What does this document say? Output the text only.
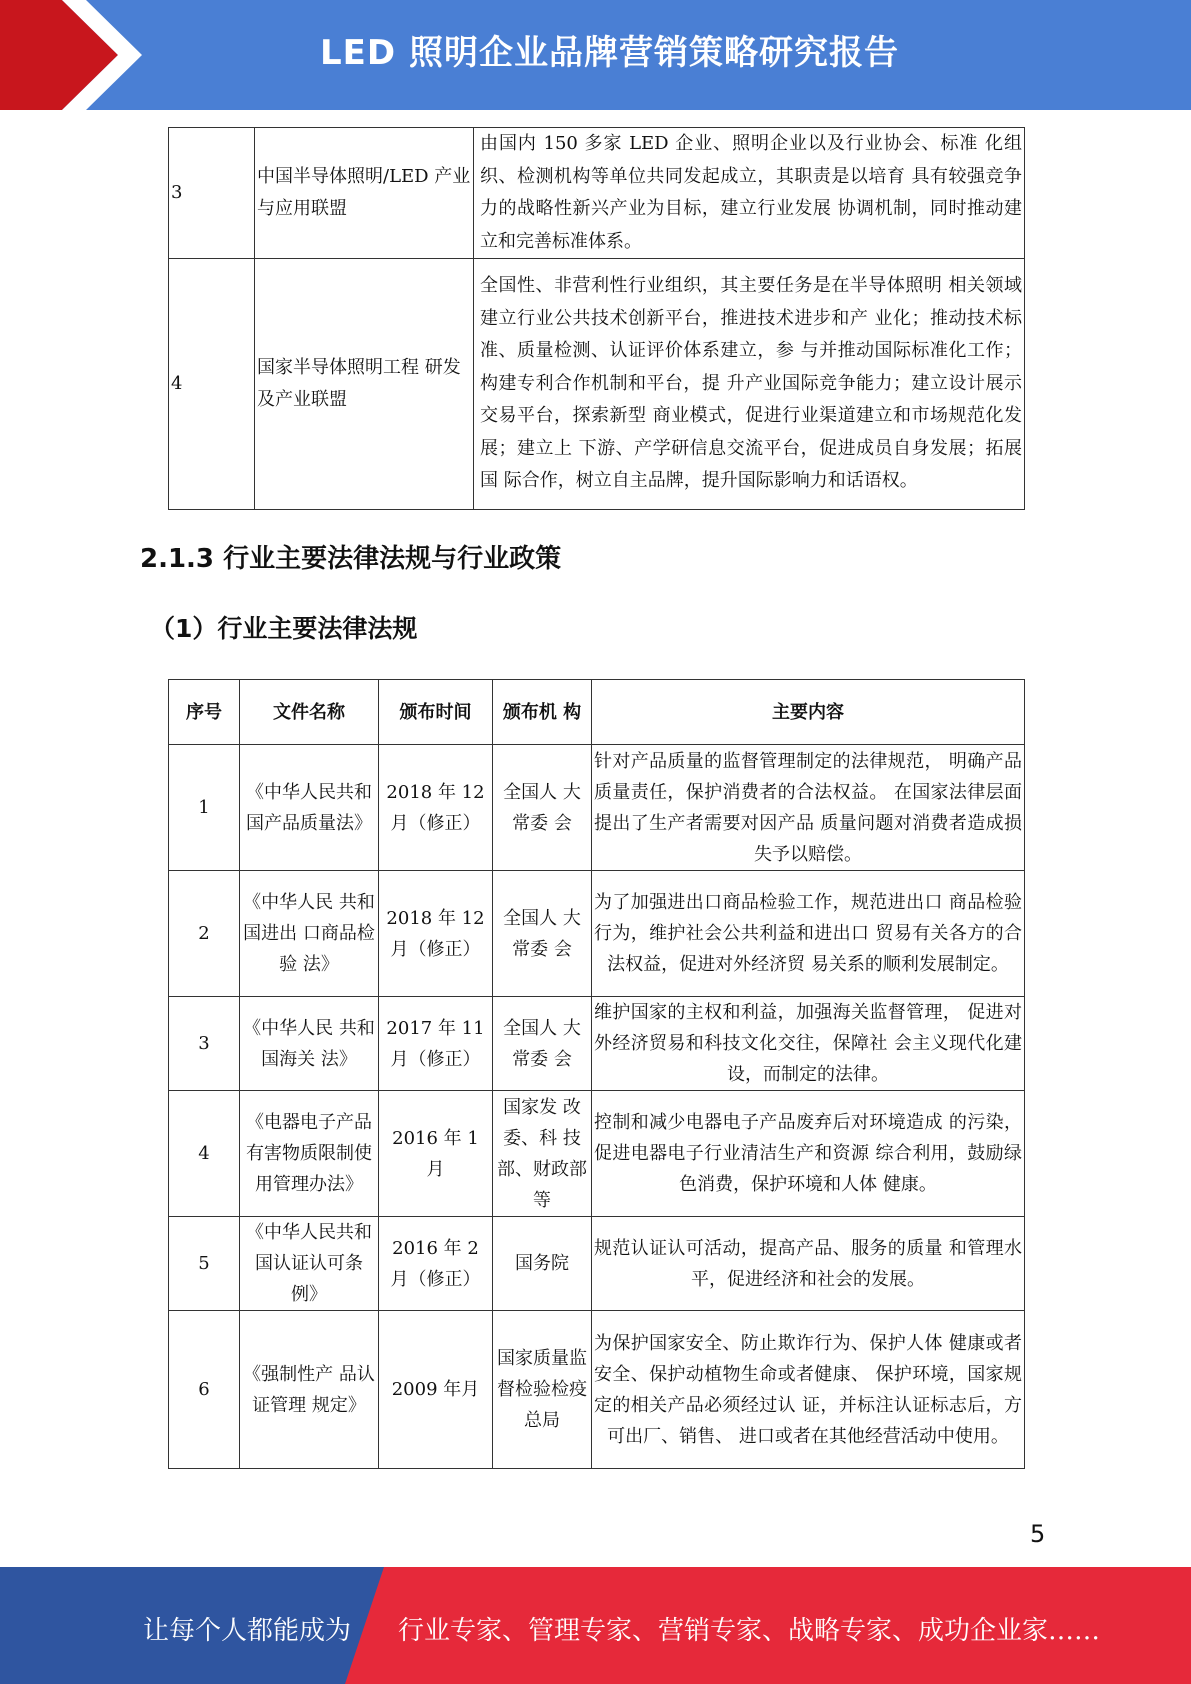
LED 照明企业品牌营销策略研究报告
3	中国半导体照明/LED 产业与应用联盟	由国内 150 多家 LED 企业、照明企业以及行业协会、标准 化组织、检测机构等单位共同发起成立，其职责是以培育 具有较强竞争力的战略性新兴产业为目标，建立行业发展 协调机制，同时推动建立和完善标准体系。
4	国家半导体照明工程 研发及产业联盟	全国性、非营利性行业组织，其主要任务是在半导体照明 相关领域建立行业公共技术创新平台，推进技术进步和产 业化；推动技术标准、质量检测、认证评价体系建立，参 与并推动国际标准化工作；构建专利合作机制和平台，提 升产业国际竞争能力；建立设计展示交易平台，探索新型 商业模式，促进行业渠道建立和市场规范化发展；建立上 下游、产学研信息交流平台，促进成员自身发展；拓展国 际合作，树立自主品牌，提升国际影响力和话语权。
2.1.3 行业主要法律法规与行业政策
（1）行业主要法律法规
序号	文件名称	颁布时间	颁布机 构	主要内容
1	《中华人民共和国产品质量法》	2018 年 12 月（修正）	全国人 大常委 会	针对产品质量的监督管理制定的法律规范， 明确产品质量责任，保护消费者的合法权益。 在国家法律层面提出了生产者需要对因产品 质量问题对消费者造成损失予以赔偿。
2	《中华人民 共和国进出 口商品检验 法》	2018 年 12 月（修正）	全国人 大常委 会	为了加强进出口商品检验工作，规范进出口 商品检验行为，维护社会公共利益和进出口 贸易有关各方的合法权益，促进对外经济贸 易关系的顺利发展制定。
3	《中华人民 共和国海关 法》	2017 年 11 月（修正）	全国人 大常委 会	维护国家的主权和利益，加强海关监督管理， 促进对外经济贸易和科技文化交往，保障社 会主义现代化建设，而制定的法律。
4	《电器电子产品有害物质限制使用管理办法》	2016 年 1 月	国家发 改委、科 技部、财政部等	控制和减少电器电子产品废弃后对环境造成 的污染，促进电器电子行业清洁生产和资源 综合利用，鼓励绿色消费，保护环境和人体 健康。
5	《中华人民共和国认证认可条例》	2016 年 2 月（修正）	国务院	规范认证认可活动，提高产品、服务的质量 和管理水平，促进经济和社会的发展。
6	《强制性产 品认证管理 规定》	2009 年月	国家质量监督检验检疫总局	为保护国家安全、防止欺诈行为、保护人体 健康或者安全、保护动植物生命或者健康、 保护环境，国家规定的相关产品必须经过认 证，并标注认证标志后，方可出厂、销售、 进口或者在其他经营活动中使用。
5
让每个人都能成为 行业专家、管理专家、营销专家、战略专家、成功企业家……
